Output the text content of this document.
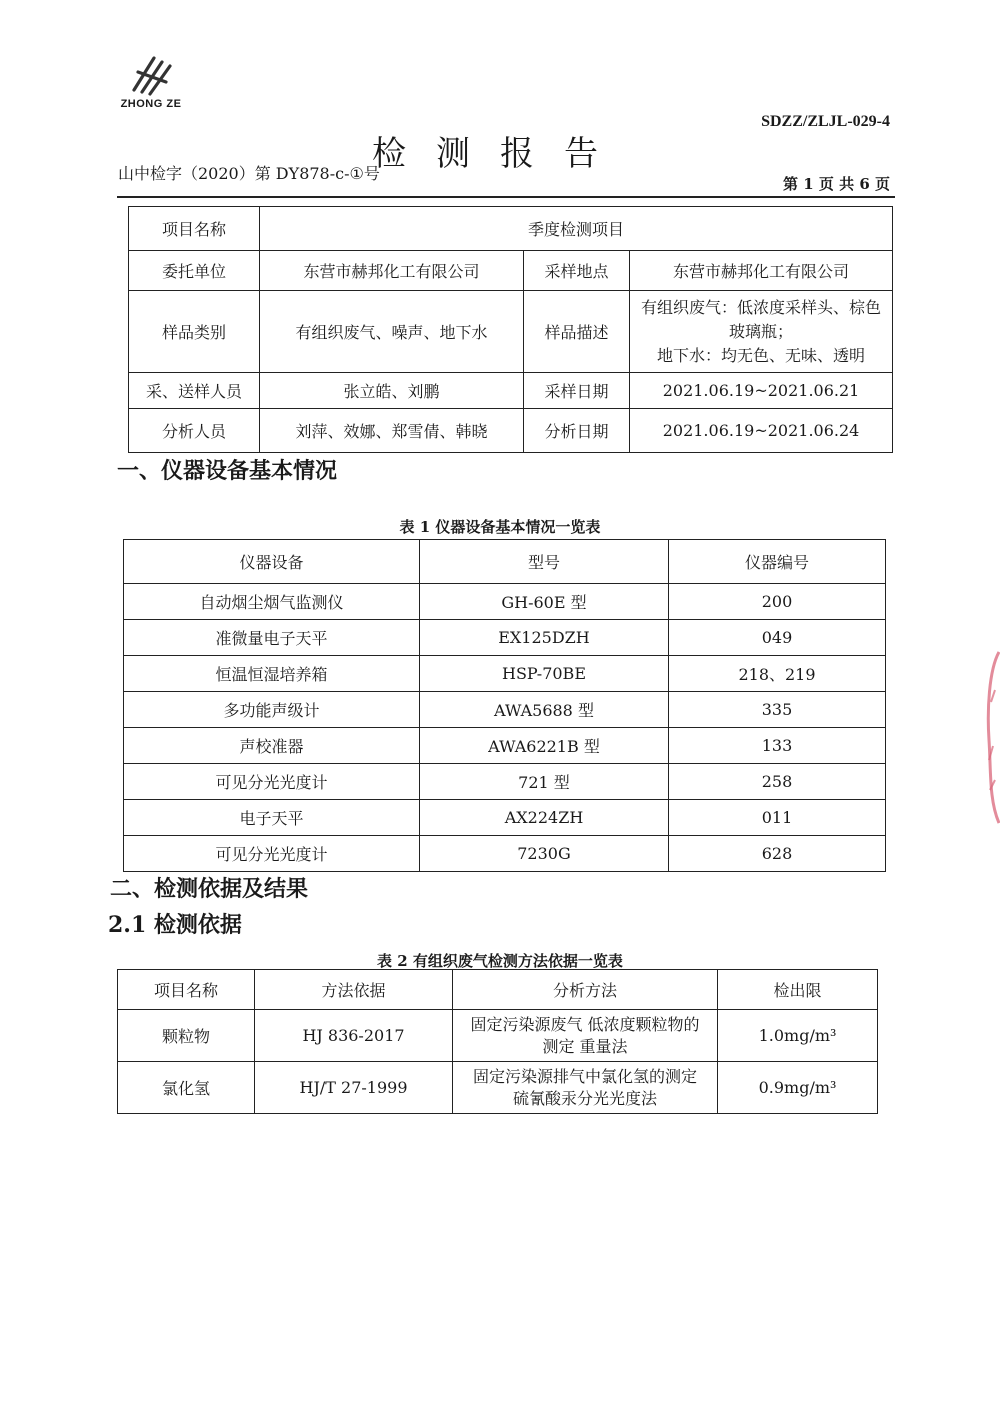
ZHONG ZE
SDZZ/ZLJL-029-4
检测报告
山中检字（2020）第 DY878-c-①号
第 1 页 共 6 页
项目名称	季度检测项目		
委托单位	东营市赫邦化工有限公司	采样地点	东营市赫邦化工有限公司
样品类别	有组织废气、噪声、地下水	样品描述	有组织废气：低浓度采样头、棕色玻璃瓶；
地下水：均无色、无味、透明

采、送样人员	张立皓、刘鹏	采样日期	2021.06.19~2021.06.21
分析人员	刘萍、效娜、郑雪倩、韩晓	分析日期	2021.06.19~2021.06.24
一、仪器设备基本情况
表 1 仪器设备基本情况一览表
仪器设备	型号	仪器编号
自动烟尘烟气监测仪	GH-60E 型	200
准微量电子天平	EX125DZH	049
恒温恒湿培养箱	HSP-70BE	218、219
多功能声级计	AWA5688 型	335
声校准器	AWA6221B 型	133
可见分光光度计	721 型	258
电子天平	AX224ZH	011
可见分光光度计	7230G	628
二、检测依据及结果
2.1 检测依据
表 2 有组织废气检测方法依据一览表
项目名称	方法依据	分析方法	检出限
颗粒物	HJ 836-2017	固定污染源废气 低浓度颗粒物的测定 重量法	1.0mg/m³
氯化氢	HJ/T 27-1999	固定污染源排气中氯化氢的测定 硫氰酸汞分光光度法	0.9mg/m³
